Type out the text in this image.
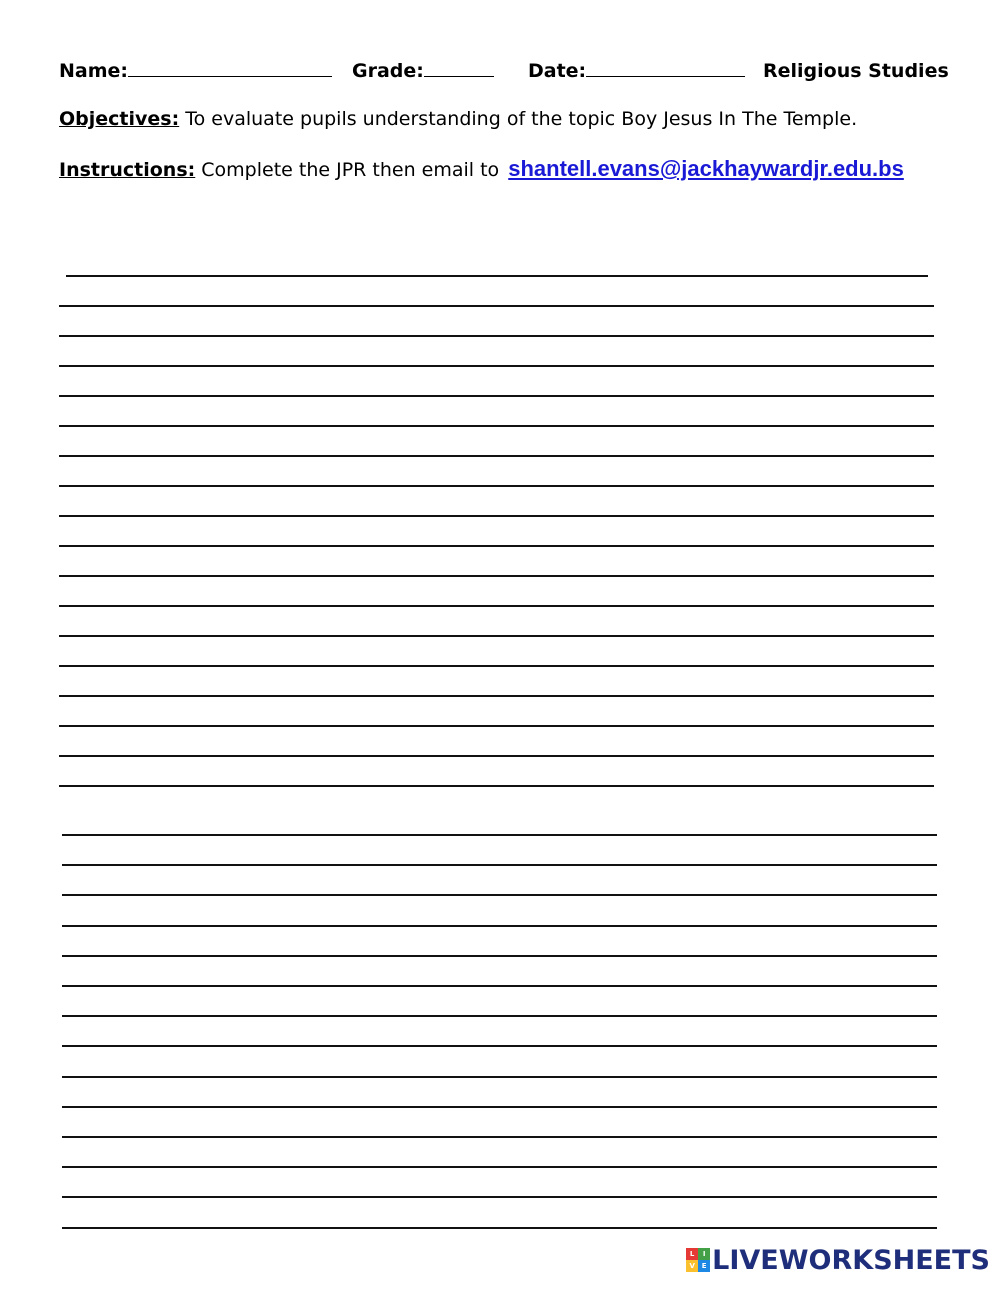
Name:	Grade:	Date:	Religious Studies
Objectives: To evaluate pupils understanding of the topic Boy Jesus In The Temple.
Instructions: Complete the JPR then email to shantell.evans@jackhaywardjr.edu.bs
L	I
V E LIVEWORKSHEETS
